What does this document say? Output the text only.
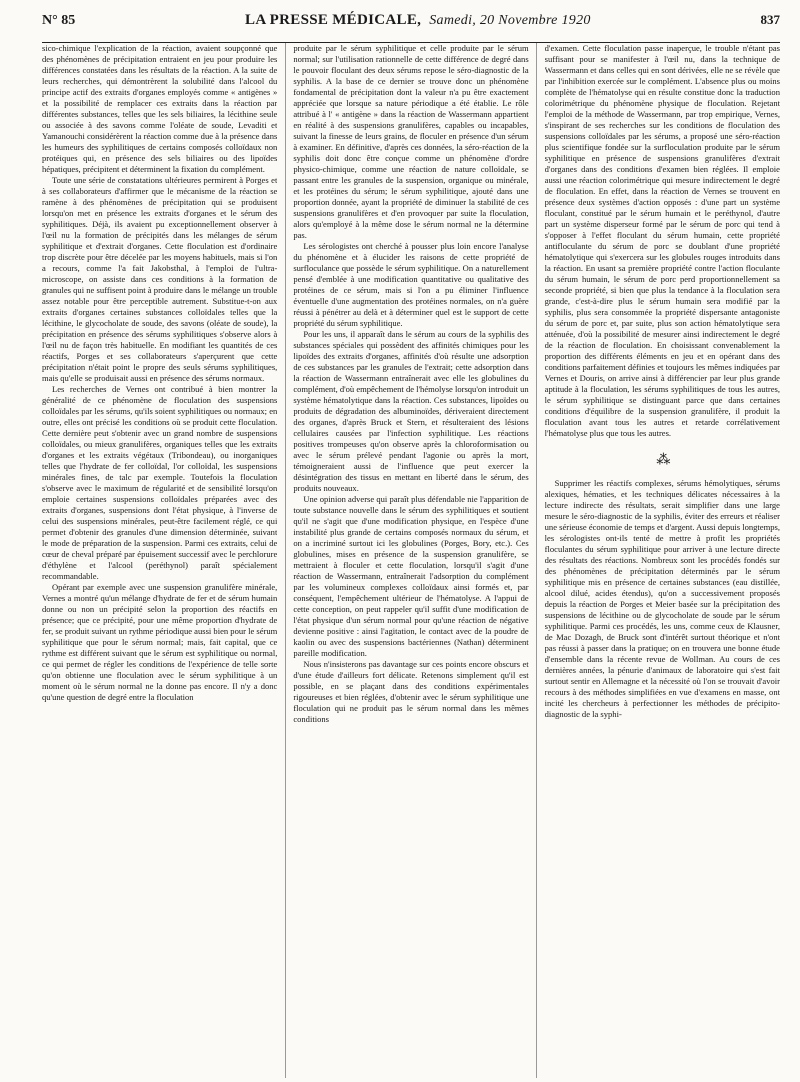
N° 85	LA PRESSE MÉDICALE, Samedi, 20 Novembre 1920	837

sico-chimique l'explication de la réaction, avaient soupçonné que des phénomènes de précipitation entraient en jeu pour produire les différences constatées dans les résultats de la réaction. A la suite de leurs recherches, qui démontrèrent la solubilité dans l'alcool du principe actif des extraits d'organes employés comme « antigènes » et la possibilité de remplacer ces extraits dans la réaction par différentes substances, telles que les sels biliaires, la lécithine seule ou associée à des savons comme l'oléate de soude, Levaditi et Yamanouchi considérèrent la réaction comme due à la présence dans les humeurs des syphilitiques de certains composés colloïdaux non protéiques qui, en présence des sels biliaires ou des lipoïdes hépatiques, précipitent et déterminent la fixation du complément.

Toute une série de constatations ultérieures permirent à Porges et à ses collaborateurs d'affirmer que le mécanisme de la réaction se ramène à des phénomènes de précipitation qui se produisent lorsqu'on met en présence les extraits d'organes et le sérum des syphilitiques. Déjà, ils avaient pu exceptionnellement observer à l'œil nu la formation de précipités dans les mélanges de sérum syphilitique et d'extrait d'organes. Cette floculation est d'ordinaire trop discrète pour être décelée par les moyens habituels, mais si l'on a recours, comme l'a fait Jakobsthal, à l'emploi de l'ultra-microscope, on assiste dans ces conditions à la formation de granules qui ne suffisent point à produire dans le mélange un trouble assez notable pour être perceptible autrement. Substitue-t-on aux extraits d'organes certaines substances colloïdales telles que la lécithine, le glycocholate de soude, des savons (oléate de soude), la précipitation en présence des sérums syphilitiques s'observe alors à l'œil nu de façon très habituelle. En modifiant les quantités de ces réactifs, Porges et ses collaborateurs s'aperçurent que cette précipitation n'était point le propre des seuls sérums syphilitiques, mais qu'elle se produisait aussi en présence des sérums normaux.

Les recherches de Vernes ont contribué à bien montrer la généralité de ce phénomène de floculation des suspensions colloïdales par les sérums, qu'ils soient syphilitiques ou normaux; en outre, elles ont précisé les conditions où se produit cette floculation. Cette dernière peut s'obtenir avec un grand nombre de suspensions colloïdales, ou mieux granulifères, organiques telles que les extraits d'organes et les extraits végétaux (Tribondeau), ou inorganiques telles que l'hydrate de fer colloïdal, l'or colloïdal, les suspensions minérales fines, de talc par exemple. Toutefois la floculation s'observe avec le maximum de régularité et de sensibilité lorsqu'on emploie certaines suspensions colloïdales préparées avec des extraits d'organes, suspensions dont l'état physique, à l'inverse de celui des suspensions minérales, peut-être facilement réglé, ce qui permet d'obtenir des granules d'une dimension déterminée, suivant le mode de préparation de la suspension. Parmi ces extraits, celui de cœur de cheval préparé par épuisement successif avec le perchlorure d'éthylène et l'alcool (peréthynol) paraît spécialement recommandable.

Opérant par exemple avec une suspension granulifère minérale, Vernes a montré qu'un mélange d'hydrate de fer et de sérum humain donne ou non un précipité selon la proportion des réactifs en présence; que ce précipité, pour une même proportion d'hydrate de fer, se produit suivant un rythme périodique aussi bien pour le sérum syphilitique que pour le sérum normal; mais, fait capital, que ce rythme est différent suivant que le sérum est syphilitique ou normal, ce qui permet de régler les conditions de l'expérience de telle sorte qu'on obtienne une floculation avec le sérum syphilitique à un moment où le sérum normal ne la donne pas encore. Il n'y a donc qu'une question de degré entre la floculation

produite par le sérum syphilitique et celle produite par le sérum normal; sur l'utilisation rationnelle de cette différence de degré dans le pouvoir floculant des deux sérums repose le séro-diagnostic de la syphilis. A la base de ce dernier se trouve donc un phénomène fondamental de précipitation dont la valeur n'a pu être exactement appréciée que lorsque sa nature périodique a été établie. Le rôle attribué à l' « antigène » dans la réaction de Wassermann appartient en réalité à des suspensions granulifères, capables ou incapables, suivant la finesse de leurs grains, de floculer en présence d'un sérum à examiner. En définitive, d'après ces données, la séro-réaction de la syphilis doit donc être conçue comme un phénomène d'ordre physico-chimique, comme une réaction de nature colloïdale, se passant entre les granules de la suspension, organique ou minérale, et les protéines du sérum; le sérum syphilitique, ajouté dans une proportion donnée, ayant la propriété de diminuer la stabilité de ces suspensions granulifères et d'en provoquer par suite la floculation, alors qu'employé à la même dose le sérum normal ne la détermine pas.

Les sérologistes ont cherché à pousser plus loin encore l'analyse du phénomène et à élucider les raisons de cette propriété de surfloculance que possède le sérum syphilitique. On a naturellement pensé d'emblée à une modification quantitative ou qualitative des protéines de ce sérum, mais si l'on a pu éliminer l'influence éventuelle d'une augmentation des protéines normales, on n'a guère réussi à pénétrer au delà et à déterminer quel est le support de cette propriété du sérum syphilitique.

Pour les uns, il apparaît dans le sérum au cours de la syphilis des substances spéciales qui possèdent des affinités chimiques pour les lipoïdes des extraits d'organes, affinités d'où résulte une adsorption de ces substances par les granules de l'extrait; cette adsorption dans la réaction de Wassermann entraînerait avec elle les globulines du complément, d'où empêchement de l'hémolyse lorsqu'on introduit un système hématolytique dans la réaction. Ces substances, lipoïdes ou produits de dégradation des albuminoïdes, dériveraient directement des organes, d'après Bruck et Stern, et résulteraient des lésions cellulaires causées par l'infection syphilitique. Les réactions positives trompeuses qu'on observe après la chloroformisation ou avec le sérum prélevé pendant l'agonie ou après la mort, témoigneraient aussi de l'influence que peut exercer la désintégration des tissus en mettant en liberté dans le sérum, des produits nouveaux.

Une opinion adverse qui paraît plus défendable nie l'apparition de toute substance nouvelle dans le sérum des syphilitiques et soutient qu'il ne s'agit que d'une modification physique, en l'espèce d'une instabilité plus grande de certains composés normaux du sérum, et on a incriminé surtout ici les globulines (Porges, Bory, etc.). Ces globulines, mises en présence de la suspension granulifère, se mettraient à floculer et cette floculation, lorsqu'il s'agit d'une réaction de Wassermann, entraînerait l'adsorption du complément par les volumineux complexes colloïdaux ainsi formés et, par conséquent, l'empêchement ultérieur de l'hématolyse. A l'appui de cette conception, on peut rappeler qu'il suffit d'une modification de l'état physique d'un sérum normal pour qu'une réaction de négative devienne positive : ainsi l'agitation, le contact avec de la poudre de kaolin ou avec des suspensions bactériennes (Nathan) déterminent pareille modification.

Nous n'insisterons pas davantage sur ces points encore obscurs et d'une étude d'ailleurs fort délicate. Retenons simplement qu'il est possible, en se plaçant dans des conditions expérimentales rigoureuses et bien réglées, d'obtenir avec le sérum syphilitique une floculation qui ne produit pas le sérum normal dans les mêmes conditions

d'examen. Cette floculation passe inaperçue, le trouble n'étant pas suffisant pour se manifester à l'œil nu, dans la technique de Wassermann et dans celles qui en sont dérivées, elle ne se révèle que par l'inhibition exercée sur le complément. L'absence plus ou moins complète de l'hématolyse qui en résulte constitue donc la traduction colorimétrique du phénomène physique de floculation. Rejetant l'emploi de la méthode de Wassermann, par trop empirique, Vernes, s'inspirant de ses recherches sur les conditions de floculation des suspensions colloïdales par les sérums, a proposé une séro-réaction plus scientifique fondée sur la surfloculation produite par le sérum syphilitique en présence de suspensions granulifères d'extrait d'organes dans des conditions d'examen bien réglées. Il emploie aussi une réaction colorimétrique qui mesure indirectement le degré de floculation. En effet, dans la réaction de Vernes se trouvent en présence deux systèmes d'action opposés : d'une part un système floculant, constitué par le sérum humain et le peréthynol, d'autre part un système disperseur formé par le sérum de porc qui tend à s'opposer à l'effet floculant du sérum humain, cette propriété antifloculante du sérum de porc se doublant d'une propriété hématolytique qui s'exercera sur les globules rouges introduits dans la réaction. En usant sa première propriété contre l'action floculante du sérum humain, le sérum de porc perd proportionnellement sa seconde propriété, si bien que plus la tendance à la floculation sera grande, c'est-à-dire plus le sérum humain sera modifié par la syphilis, plus sera consommée la propriété dispersante antagoniste du sérum de porc et, par suite, plus son action hématolytique sera atténuée, d'où la possibilité de mesurer ainsi indirectement le degré de la réaction de floculation. En choisissant convenablement la proportion des différents éléments en jeu et en opérant dans des conditions parfaitement définies et toujours les mêmes indiquées par Vernes et Douris, on arrive ainsi à différencier par leur plus grande aptitude à la floculation, les sérums syphilitiques de tous les autres, le sérum syphilitique se distinguant parce que dans certaines conditions d'équilibre de la suspension granulifère, il produit la floculation avant tous les autres et retarde corrélativement l'hématolyse plus que tous les autres.

⁂

Supprimer les réactifs complexes, sérums hémolytiques, sérums alexiques, hématies, et les techniques délicates nécessaires à la lecture indirecte des résultats, serait simplifier dans une large mesure le séro-diagnostic de la syphilis, éviter des erreurs et réaliser une sérieuse économie de temps et d'argent. Aussi depuis longtemps, les sérologistes ont-ils tenté de mettre à profit les propriétés floculantes du sérum syphilitique pour arriver à une lecture directe des résultats des réactions. Nombreux sont les procédés fondés sur des phénomènes de précipitation déterminés par le sérum syphilitique mis en présence de certaines substances (eau distillée, alcool dilué, acides étendus), qu'on a successivement proposés depuis la réaction de Porges et Meier basée sur la précipitation des suspensions de lécithine ou de glycocholate de soude par le sérum syphilitique. Parmi ces procédés, les uns, comme ceux de Klausner, de Mac Dozagh, de Bruck sont d'intérêt surtout théorique et n'ont pas réussi à passer dans la pratique; on en trouvera une bonne étude d'ensemble dans la récente revue de Wollman. Au cours de ces dernières années, la pénurie d'animaux de laboratoire qui s'est fait surtout sentir en Allemagne et la nécessité où l'on se trouvait d'avoir recours à des méthodes simplifiées en vue d'examens en masse, ont incité les chercheurs à perfectionner les méthodes de précipito-diagnostic de la syphi-
